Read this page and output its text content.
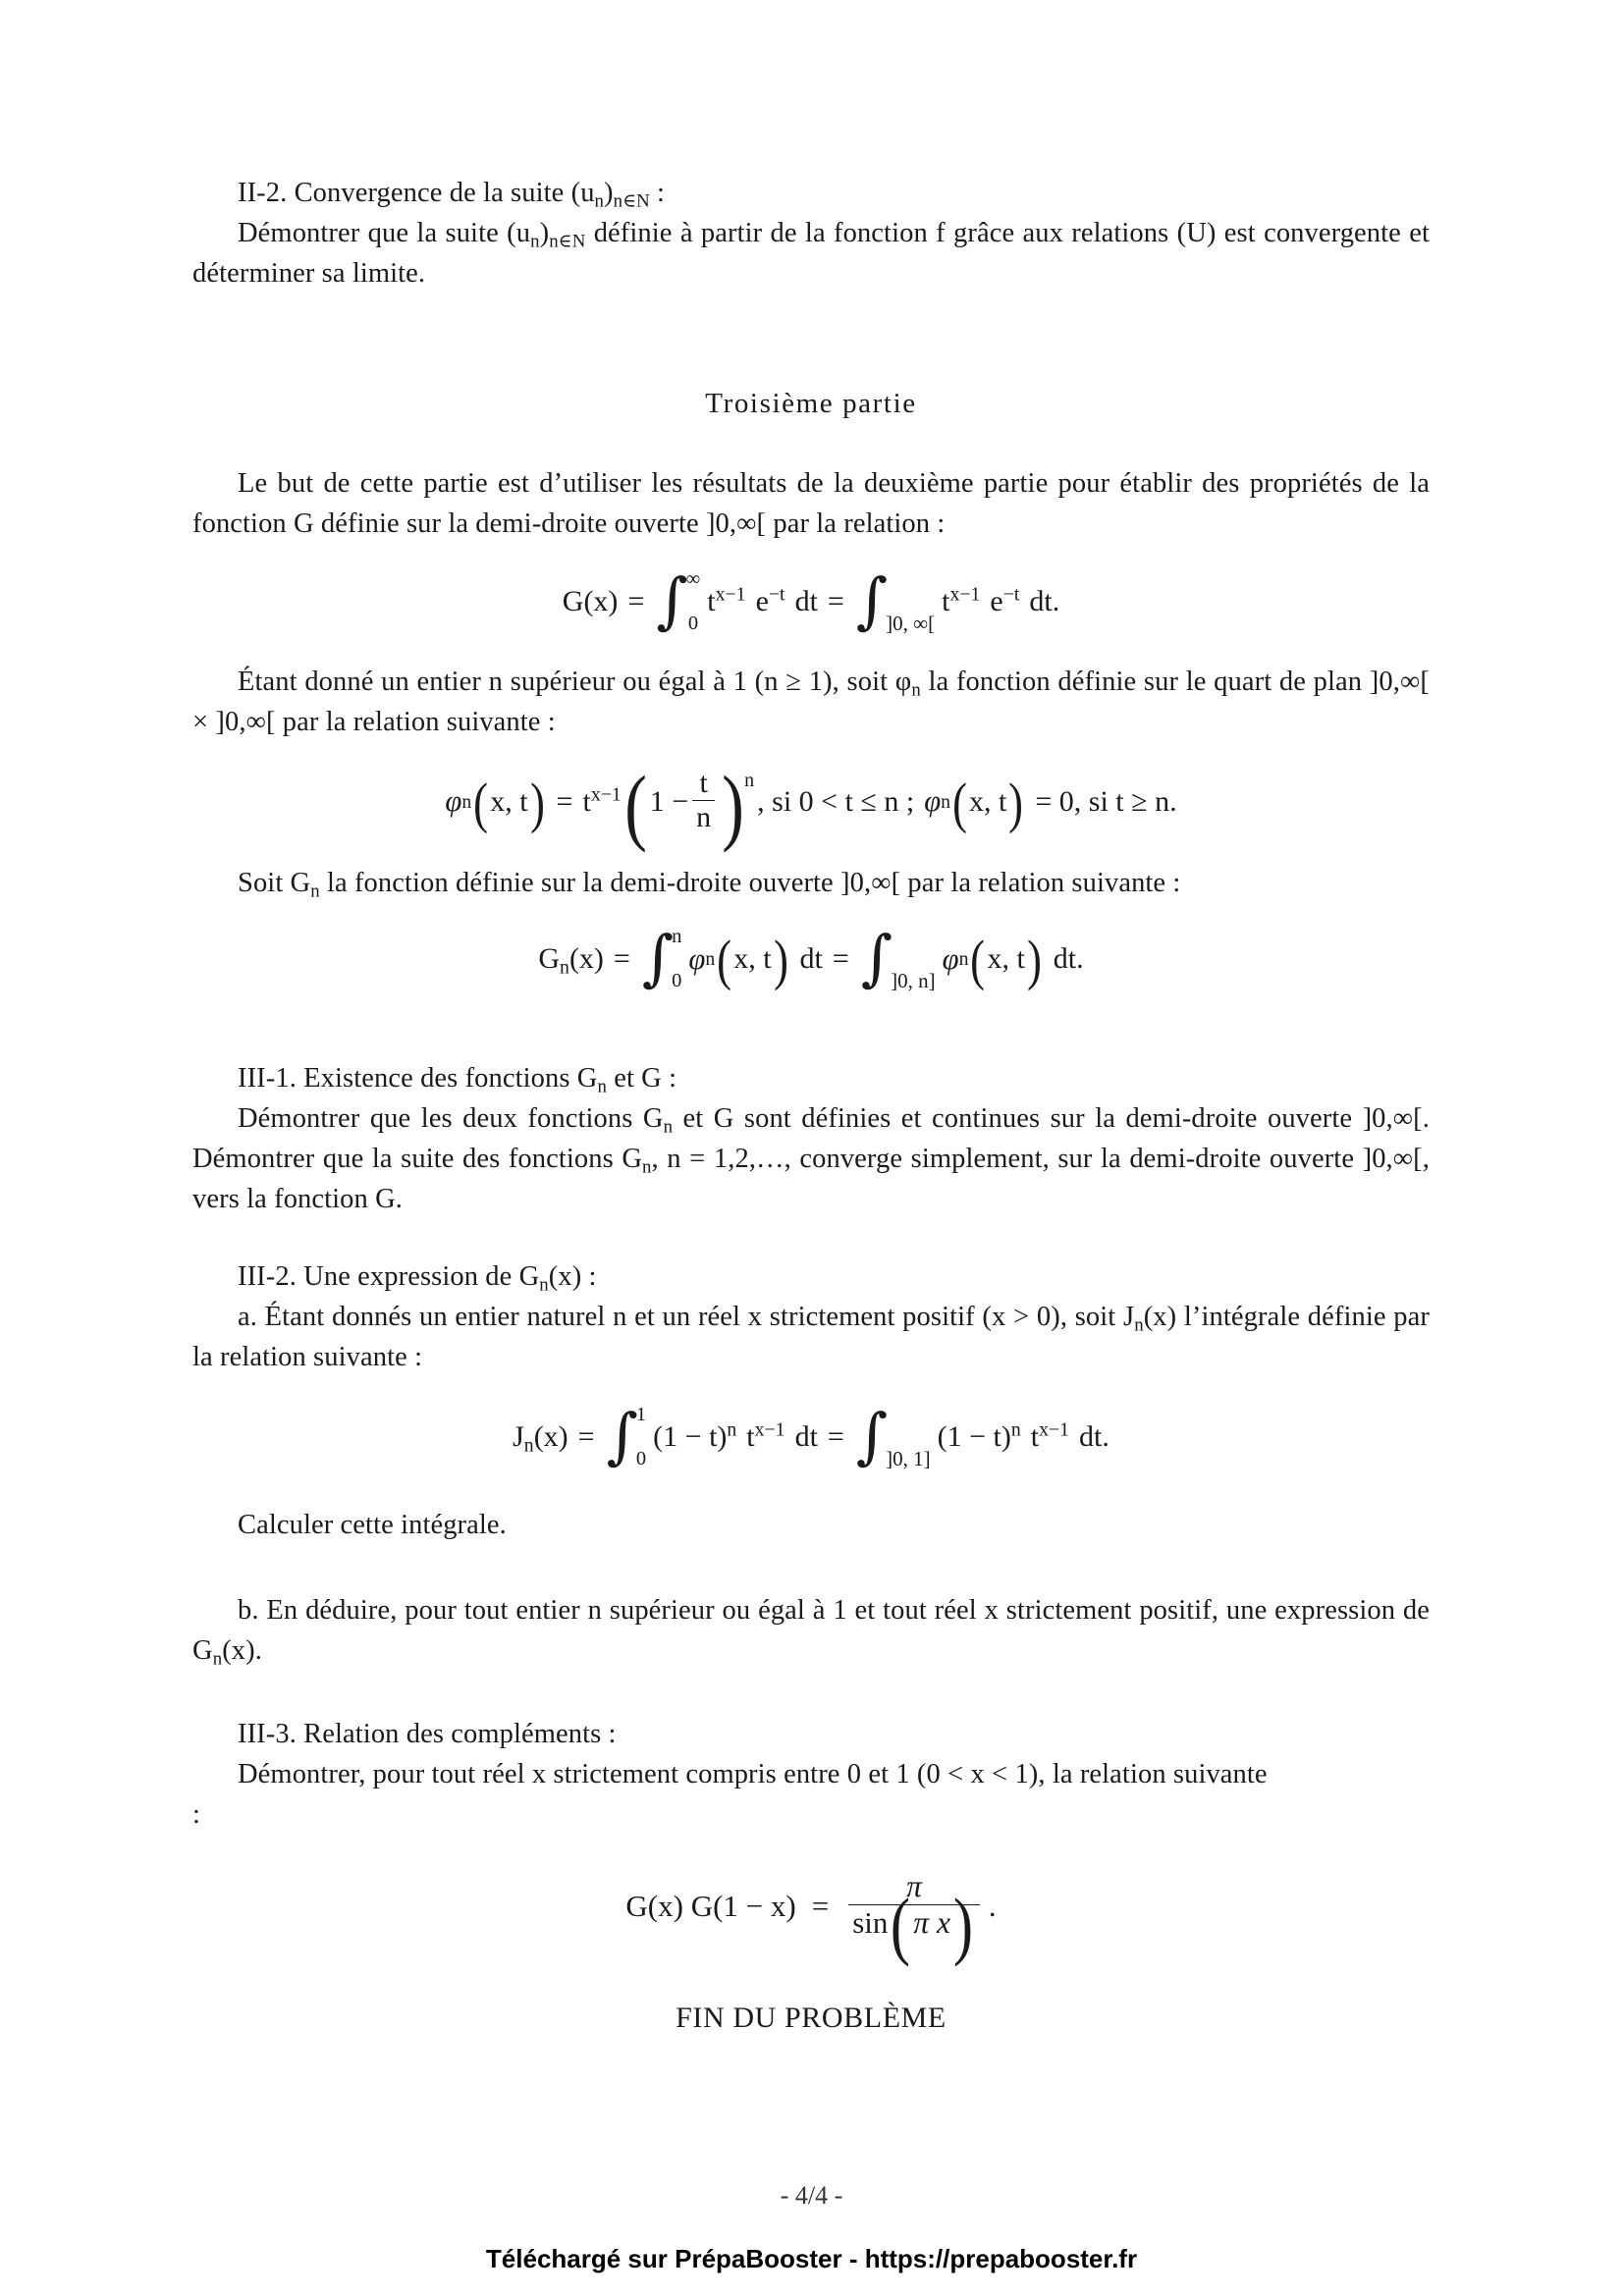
II-2. Convergence de la suite $(u_n)_{n\in N}$ :

Démontrer que la suite $(u_n)_{n\in N}$ définie à partir de la fonction f grâce aux relations (U) est convergente et déterminer sa limite.

Troisième partie

Le but de cette partie est d’utiliser les résultats de la deuxième partie pour établir des propriétés de la fonction G définie sur la demi-droite ouverte ]0,∞[ par la relation :

G(x) = ∫
∞
0
$t^{x-1}$ $e^{-t}$ dt = ∫
]0, ∞[
$t^{x-1}$ $e^{-t}$ dt.

Étant donné un entier n supérieur ou égal à 1 (n ≥ 1), soit $\varphi_n$ la fonction définie sur le quart de plan ]0,∞[ × ]0,∞[ par la relation suivante :

φ n ( x, t ) = $t^{x-1}$ ( $1 - \frac{t}{n}$ ) n
, si 0 < t ≤ n ; φ n ( x, t ) = 0, si t ≥ n.

Soit $G_n$ la fonction définie sur la demi-droite ouverte ]0,∞[ par la relation suivante :

$G_n(x)$ = ∫
n
0
φ n ( x, t ) dt = ∫
]0, n]
φ n ( x, t ) dt.

III-1. Existence des fonctions $G_n$ et G :

Démontrer que les deux fonctions $G_n$ et G sont définies et continues sur la demi-droite ouverte ]0,∞[. Démontrer que la suite des fonctions $G_n$, n = 1,2,…, converge simplement, sur la demi-droite ouverte ]0,∞[, vers la fonction G.

III-2. Une expression de $G_n(x)$ :

a. Étant donnés un entier naturel n et un réel x strictement positif (x > 0), soit $J_n(x)$ l’intégrale définie par la relation suivante :

$J_n(x)$ = ∫
1
0
$(1 - t)^n$ $t^{x-1}$ dt = ∫
]0, 1]
$(1 - t)^n$ $t^{x-1}$ dt.

Calculer cette intégrale.

b. En déduire, pour tout entier n supérieur ou égal à 1 et tout réel x strictement positif, une expression de $G_n(x)$.

III-3. Relation des compléments :

Démontrer, pour tout réel x strictement compris entre 0 et 1 (0 < x < 1), la relation suivante

:

G(x) $G(1 - x) = \frac{\pi}{\text{sin ( π x )}}$ .

FIN DU PROBLÈME

- 4/4 -
Téléchargé sur PrépaBooster - https://prepabooster.fr
